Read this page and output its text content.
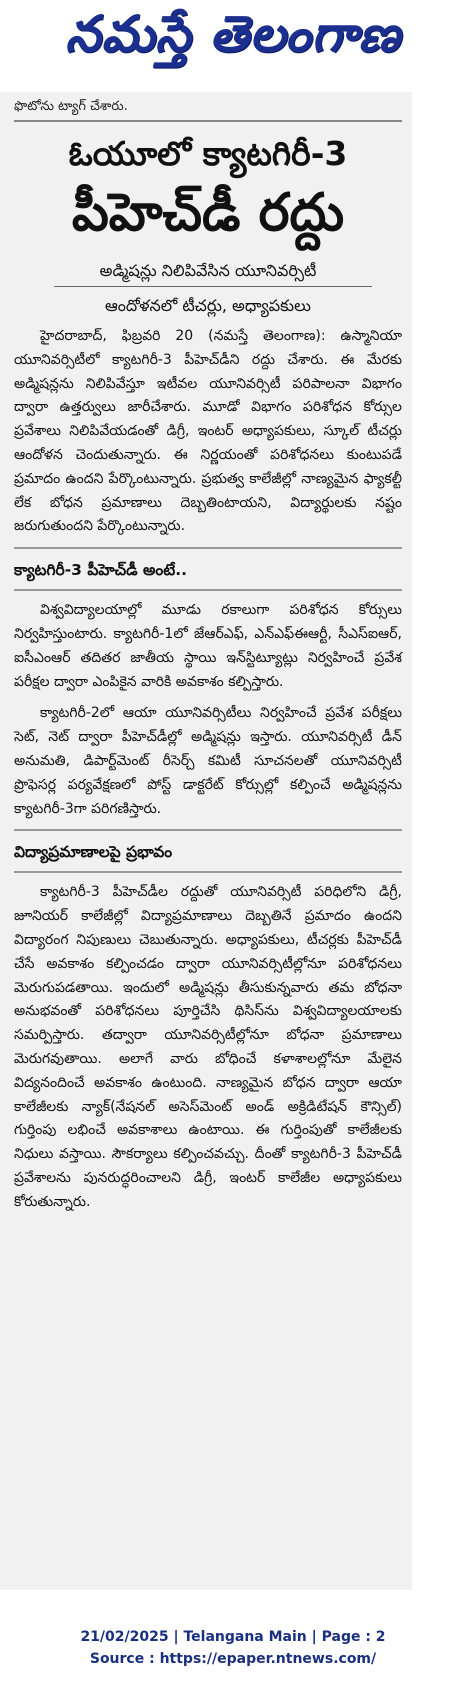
నమస్తే తెలంగాణ
ఫొటోను ట్యాగ్‌ చేశారు.
ఓయూలో క్యాటగిరీ-3
పీహెచ్‌డీ రద్దు
అడ్మిషన్లు నిలిపివేసిన యూనివర్సిటీ
ఆందోళనలో టీచర్లు, అధ్యాపకులు

హైదరాబాద్‌, ఫిబ్రవరి 20 (నమస్తే తెలంగాణ): ఉస్మానియా యూనివర్సిటీలో క్యాటగిరీ-3 పీహెచ్‌డీని రద్దు చేశారు. ఈ మేరకు అడ్మిషన్లను నిలిపివేస్తూ ఇటీవల యూనివర్సిటీ పరిపాలనా విభాగం ద్వారా ఉత్తర్వులు జారీచేశారు. మూడో విభాగం పరిశోధన కోర్సుల ప్రవేశాలు నిలిపివేయడంతో డిగ్రీ, ఇంటర్‌ అధ్యాపకులు, స్కూల్‌ టీచర్లు ఆందోళన చెందుతున్నారు. ఈ నిర్ణయంతో పరిశోధనలు కుంటుపడే ప్రమాదం ఉందని పేర్కొంటున్నారు. ప్రభుత్వ కాలేజీల్లో నాణ్యమైన ఫ్యాకల్టీ లేక బోధన ప్రమాణాలు దెబ్బతింటాయని, విద్యార్థులకు నష్టం జరుగుతుందని పేర్కొంటున్నారు.

క్యాటగిరీ-3 పీహెచ్‌డీ అంటే..

విశ్వవిద్యాలయాల్లో మూడు రకాలుగా పరిశోధన కోర్సులు నిర్వహిస్తుంటారు. క్యాటగిరీ-1లో జేఆర్‌ఎఫ్‌, ఎన్‌ఎఫ్‌ఈఆర్టీ, సీఎస్‌ఐఆర్‌, ఐసీఎంఆర్‌ తదితర జాతీయ స్థాయి ఇన్‌స్టిట్యూట్లు నిర్వహించే ప్రవేశ పరీక్షల ద్వారా ఎంపికైన వారికి అవకాశం కల్పిస్తారు.

క్యాటగిరీ-2లో ఆయా యూనివర్సిటీలు నిర్వహించే ప్రవేశ పరీక్షలు సెట్‌, నెట్‌ ద్వారా పీహెచ్‌డీల్లో అడ్మిషన్లు ఇస్తారు. యూనివర్సిటీ డీన్‌ అనుమతి, డిపార్ట్‌మెంట్‌ రీసెర్చ్‌ కమిటీ సూచనలతో యూనివర్సిటీ ప్రొఫెసర్ల పర్యవేక్షణలో పోస్ట్‌ డాక్టరేట్‌ కోర్సుల్లో కల్పించే అడ్మిషన్లను క్యాటగిరీ-3గా పరిగణిస్తారు.

విద్యాప్రమాణాలపై ప్రభావం

క్యాటగిరీ-3 పీహెచ్‌డీల రద్దుతో యూనివర్సిటీ పరిధిలోని డిగ్రీ, జూనియర్‌ కాలేజీల్లో విద్యాప్రమాణాలు దెబ్బతినే ప్రమాదం ఉందని విద్యారంగ నిపుణులు చెబుతున్నారు. అధ్యాపకులు, టీచర్లకు పీహెచ్‌డీ చేసే అవకాశం కల్పించడం ద్వారా యూనివర్సిటీల్లోనూ పరిశోధనలు మెరుగుపడతాయి. ఇందులో అడ్మిషన్లు తీసుకున్నవారు తమ బోధనా అనుభవంతో పరిశోధనలు పూర్తిచేసి థిసిస్‌ను విశ్వవిద్యాలయాలకు సమర్పిస్తారు. తద్వారా యూనివర్సిటీల్లోనూ బోధనా ప్రమాణాలు మెరుగవుతాయి. అలాగే వారు బోధించే కళాశాలల్లోనూ మేలైన విద్యనందించే అవకాశం ఉంటుంది. నాణ్యమైన బోధన ద్వారా ఆయా కాలేజీలకు న్యాక్‌(నేషనల్‌ అసెస్‌మెంట్‌ అండ్‌ అక్రిడిటేషన్‌ కౌన్సిల్‌) గుర్తింపు లభించే అవకాశాలు ఉంటాయి. ఈ గుర్తింపుతో కాలేజీలకు నిధులు వస్తాయి. సౌకర్యాలు కల్పించవచ్చు. దీంతో క్యాటగిరీ-3 పీహెచ్‌డీ ప్రవేశాలను పునరుద్ధరించాలని డిగ్రీ, ఇంటర్‌ కాలేజీల అధ్యాపకులు కోరుతున్నారు.

21/02/2025 | Telangana Main | Page : 2
Source : https://epaper.ntnews.com/
